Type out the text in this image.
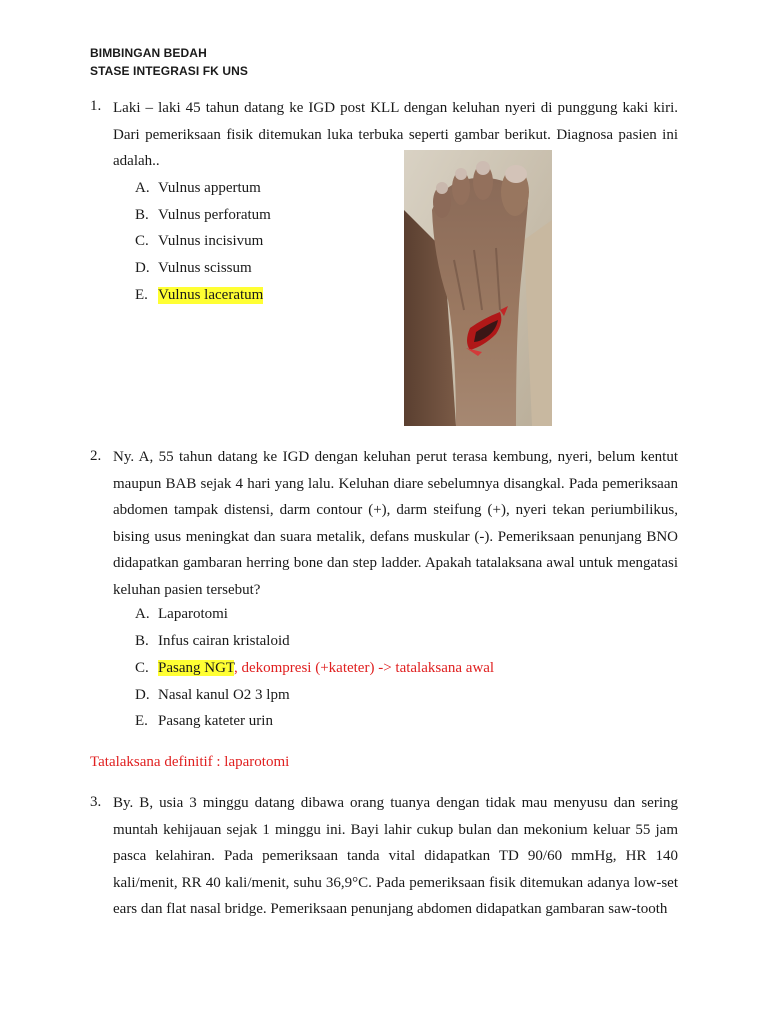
BIMBINGAN BEDAH
STASE INTEGRASI FK UNS
1. Laki – laki 45 tahun datang ke IGD post KLL dengan keluhan nyeri di punggung kaki kiri.
Dari pemeriksaan fisik ditemukan luka terbuka seperti gambar berikut. Diagnosa pasien ini
adalah..
A. Vulnus appertum
B. Vulnus perforatum
C. Vulnus incisivum
D. Vulnus scissum
E. Vulnus laceratum
2. Ny. A, 55 tahun datang ke IGD dengan keluhan perut terasa kembung, nyeri, belum kentut maupun BAB sejak 4 hari yang lalu. Keluhan diare sebelumnya disangkal. Pada pemeriksaan abdomen tampak distensi, darm contour (+), darm steifung (+), nyeri tekan periumbilikus, bising usus meningkat dan suara metalik, defans muskular (-). Pemeriksaan penunjang BNO didapatkan gambaran herring bone dan step ladder. Apakah tatalaksana awal untuk mengatasi keluhan pasien tersebut?
A. Laparotomi
B. Infus cairan kristaloid
C. Pasang NGT, dekompresi (+kateter) -> tatalaksana awal
D. Nasal kanul O2 3 lpm
E. Pasang kateter urin
Tatalaksana definitif : laparotomi
3. By. B, usia 3 minggu datang dibawa orang tuanya dengan tidak mau menyusu dan sering muntah kehijauan sejak 1 minggu ini. Bayi lahir cukup bulan dan mekonium keluar 55 jam pasca kelahiran. Pada pemeriksaan tanda vital didapatkan TD 90/60 mmHg, HR 140 kali/menit, RR 40 kali/menit, suhu 36,9°C. Pada pemeriksaan fisik ditemukan adanya low-set ears dan flat nasal bridge. Pemeriksaan penunjang abdomen didapatkan gambaran saw-tooth
